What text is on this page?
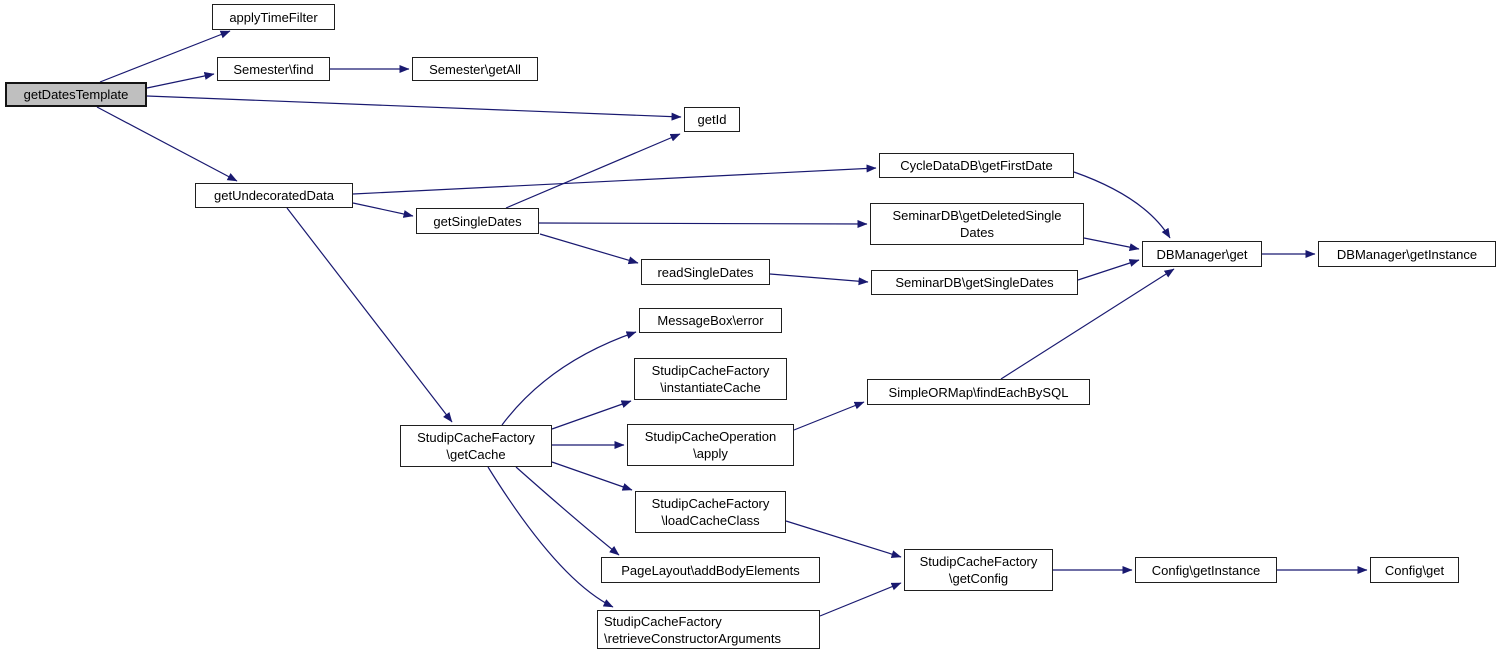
getDatesTemplate
applyTimeFilter
Semester\find	Semester\getAll
getId
getUndecoratedData
getSingleDates
readSingleDates
CycleDataDB\getFirstDate
SeminarDB\getDeletedSingle
Dates
DBManager\get	DBManager\getInstance
SeminarDB\getSingleDates
MessageBox\error
StudipCacheFactory
\instantiateCache	SimpleORMap\findEachBySQL
StudipCacheOperation
\apply
StudipCacheFactory
\getCache
StudipCacheFactory
\loadCacheClass
PageLayout\addBodyElements
StudipCacheFactory
\getConfig
Config\getInstance	Config\get
StudipCacheFactory
\retrieveConstructorArguments
